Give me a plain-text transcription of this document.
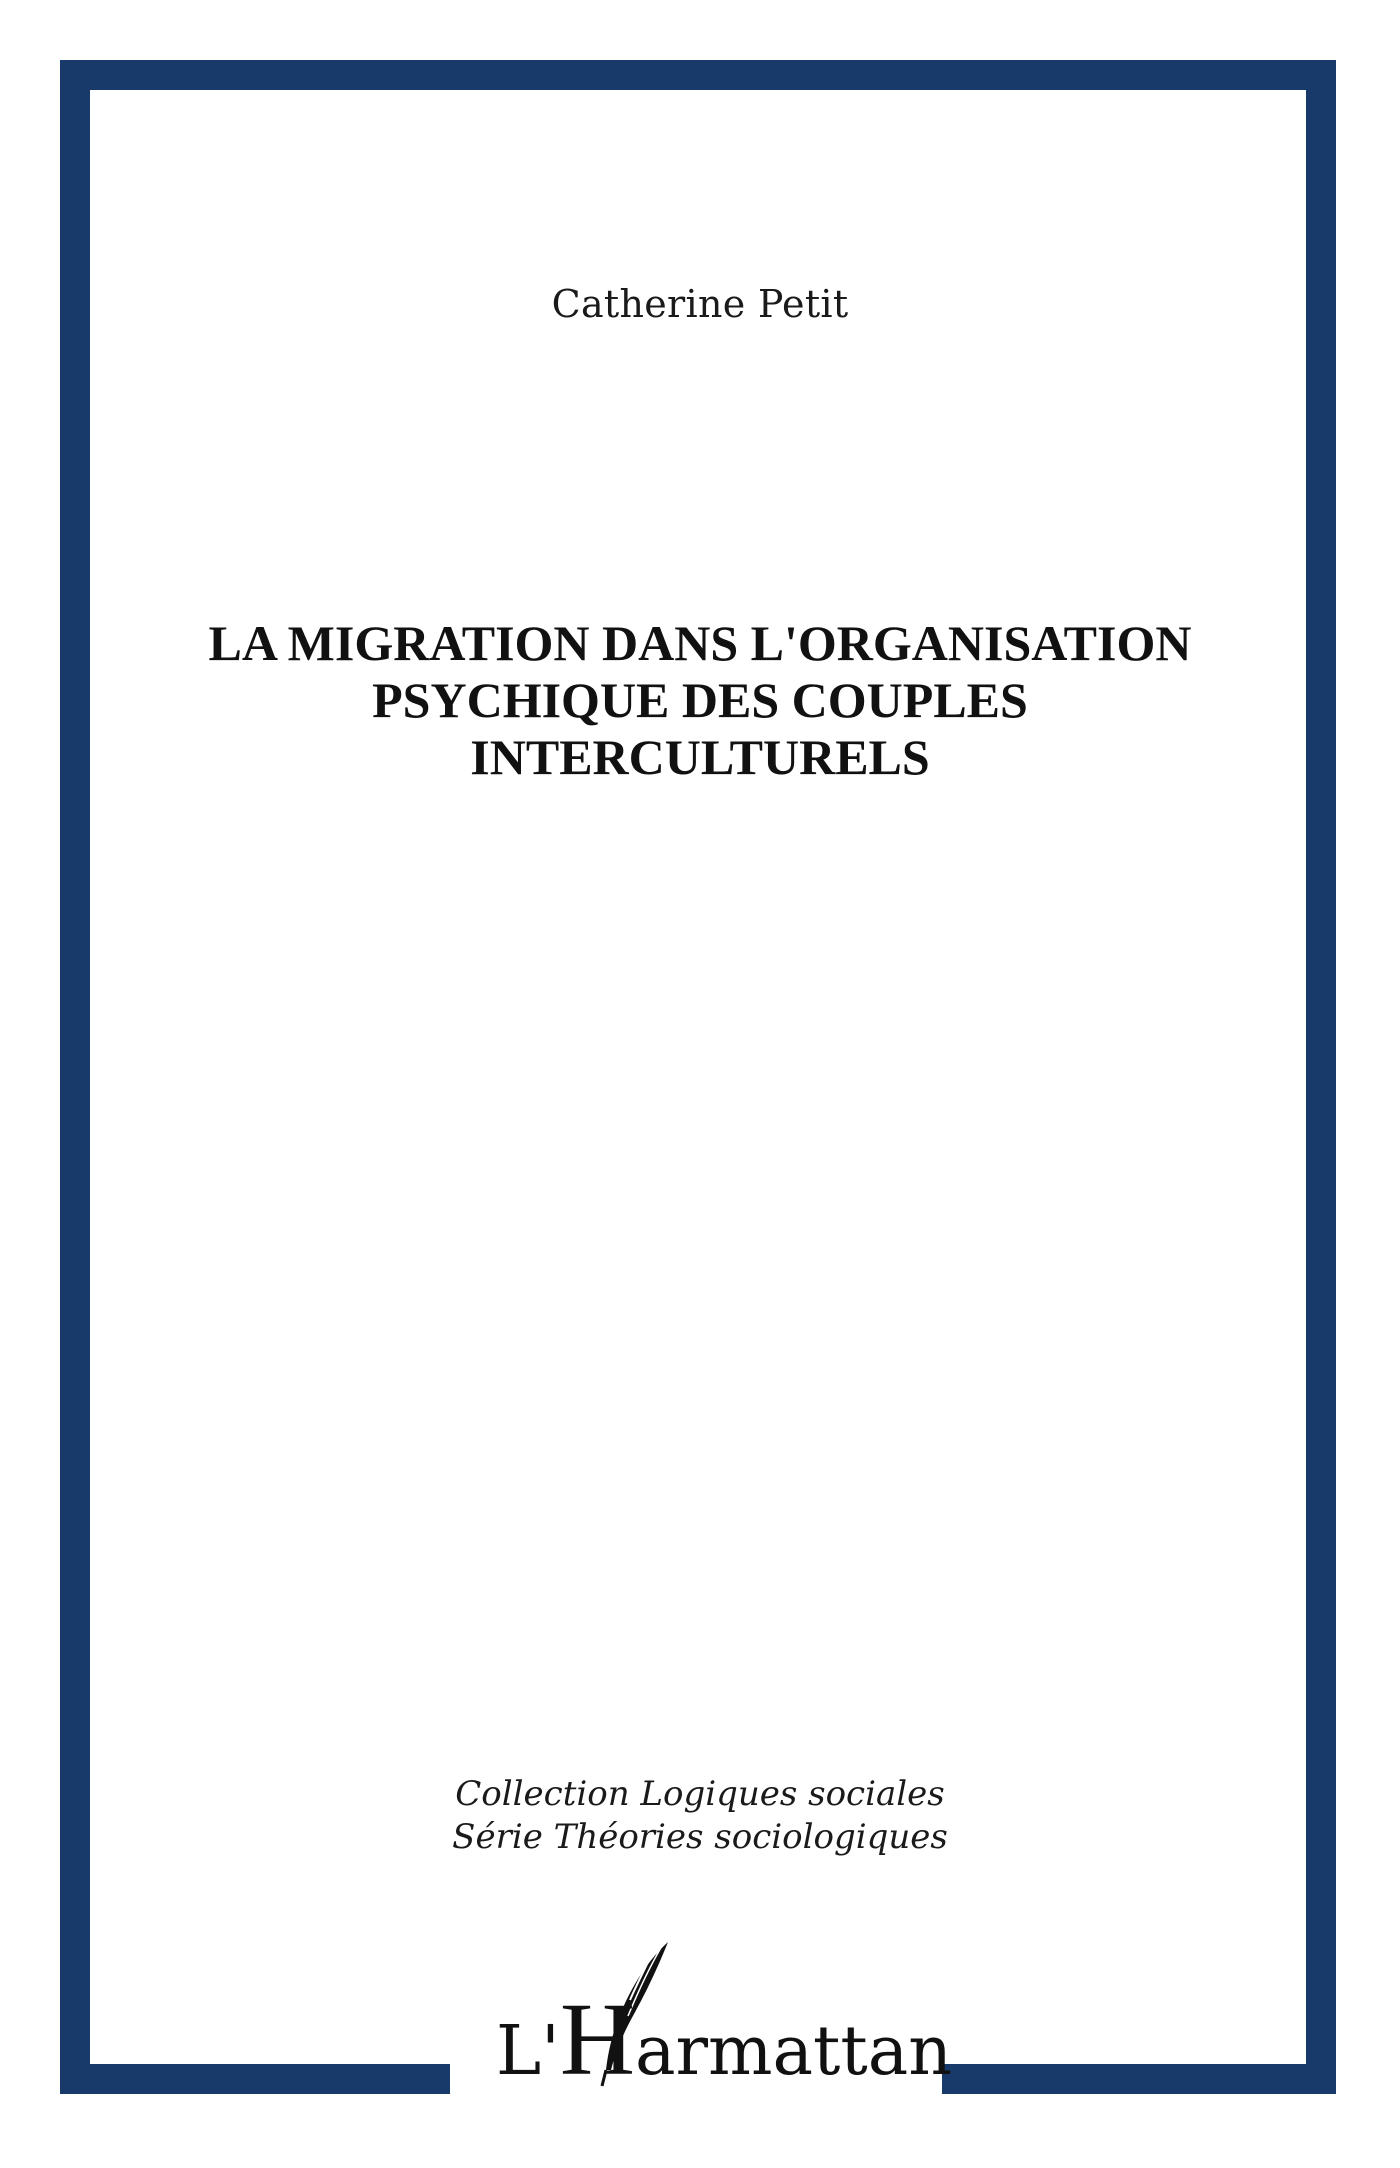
Catherine Petit
LA MIGRATION DANS L'ORGANISATION
PSYCHIQUE DES COUPLES
INTERCULTURELS
Collection Logiques sociales
Série Théories sociologiques
L'Harmattan
